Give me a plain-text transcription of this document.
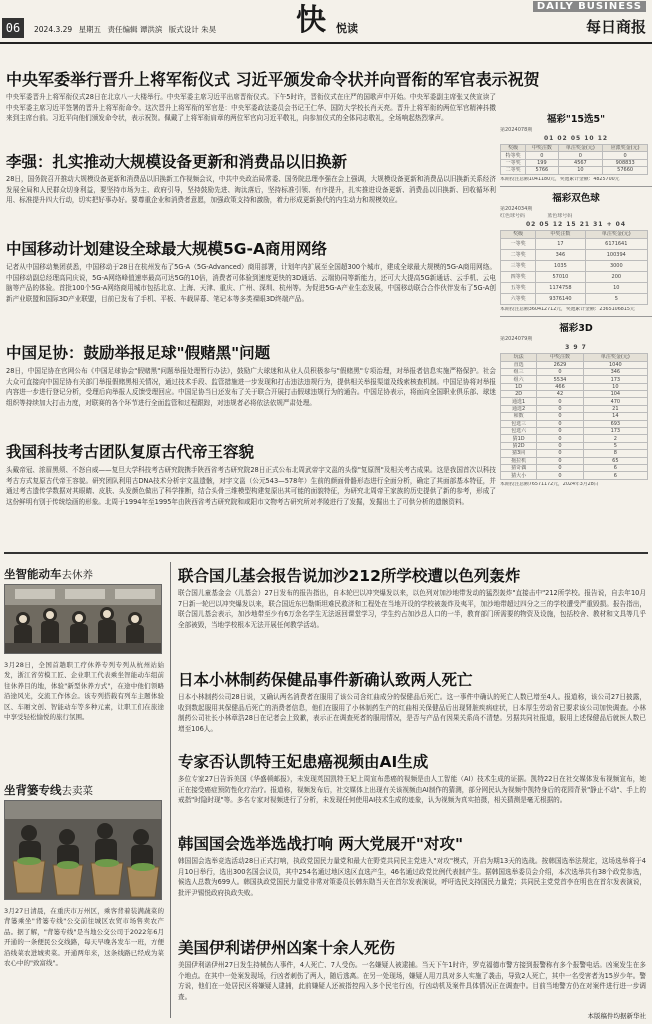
06	2024.3.29 星期五 责任编辑 谭洪滨 版式设计 朱昊	快 悦读
DAILY BUSINESS
每日商报
中央军委举行晋升上将军衔仪式 习近平颁发命令状并向晋衔的军官表示祝贺
中央军委晋升上将军衔仪式28日在北京八一大楼举行。中央军委主席习近平出席晋衔仪式。下午5时许，晋衔仪式在庄严的国歌声中开始。中央军委副主席张又侠宣读了中央军委主席习近平签署的晋升上将军衔命令。这次晋升上将军衔的军官是：中央军委政法委员会书记王仁华、国防大学校长肖天亮。晋升上将军衔的两位军官精神抖擞来到主席台前。习近平向他们颁发命令状，表示祝贺。佩戴了上将军衔肩章的两位军官向习近平敬礼，向参加仪式的全体同志敬礼，全场响起热烈掌声。
李强：扎实推动大规模设备更新和消费品以旧换新
28日，国务院召开推动大规模设备更新和消费品以旧换新工作视频会议，中共中央政治局常委、国务院总理李强在会上强调，大规模设备更新和消费品以旧换新关系经济发展全局和人民群众切身利益，要坚持市场为主、政府引导，坚持鼓励先进、淘汰落后，坚持标准引领、有序提升，扎实推进设备更新、消费品以旧换新、回收循环利用、标准提升四大行动，切实把好事办好。要尊重企业和消费者意愿，加强政策支持和激励，着力形成更新换代的内生动力和规模效应。
中国移动计划建设全球最大规模5G-A商用网络
记者从中国移动集团获悉，中国移动于28日在杭州发布了5G-A（5G-Advanced）商用部署，计划年内扩展至全国超300个城市，建成全球最大规模的5G-A商用网络。中国移动副总经理高同庆说，5G-A网络峰值速率最高可达5G的10倍，消费者可体验到速度更快的3D通话、云端协同等新能力，还可大大提高5G新通话、云手机、云电脑等产品的体验。首批100个5G-A网络商用城市包括北京、上海、天津、重庆、广州、深圳、杭州等。为促进5G-A产业生态发展，中国移动联合合作伙伴发布了5G-A创新产业联盟和国际3D产业联盟，目前已发布了手机、平板、车载屏幕、笔记本等多类裸眼3D终端产品。
中国足协：鼓励举报足球"假赌黑"问题
28日，中国足协在官网公布《中国足球协会"假赌黑"问题举报处理暂行办法》，鼓励广大球迷和从业人员积极参与"假赌黑"专项治理，对举报者信息实施严格保护。社会大众可直接向中国足协有关部门举报假赌黑相关情况，通过技术手段、监管措施进一步发现和打击违法违规行为，提供相关举报渠道及线索核查机制。中国足协将对举报内容进一步进行登记分析，受理后向举报人反馈受理回应。中国足协当日还发布了关于联合开展打击假球违规行为的通告。中国足协表示，将面向全国职业俱乐部、球迷组织等持续加大打击力度，对联赛的各个环节进行全面监管和过程跟踪，对违规者必将依法依规严肃处理。
我国科技考古团队复原古代帝王容貌
头戴帝冠、浓眉黑须、不怒自威——复旦大学科技考古研究院携手陕西省考古研究院28日正式公布北周武帝宇文邕的头像"复原图"及相关考古成果。这是我国首次以科技考古方式复原古代帝王容貌。研究团队利用古DNA技术分析宇文邕遗骸，对宇文邕（公元543—578年）生前的颜面骨骼形态进行全面分析，确定了其面部基本特征，并通过考古遗传学数据对其眼睛、皮肤、头发颜色做出了科学推断，结合头骨三维模型构建复原出其可能的面貌特征，为研究北周帝王家族的历史提供了新的参考，形成了这份鲜明有别于传统绘画的形象。北周于1994年至1995年由陕西省考古研究院和咸阳市文物考古研究所对孝陵进行了发掘，发掘出土了可供分析的遗骸资料。
福彩"15选5"
第2024078期
01 02 05 10 12
奖级	中奖注数	单注奖金(元)	应派奖金(元)
特等奖	0	0	0
一等奖	199	4567	908833
二等奖	5766	10	57660
本期投注总额1041180元，奖池累计金额：4825700元
福彩双色球
第2024034期
红色球号码	蓝色球号码
02 05 12 15 21 31 + 04
奖级	中奖注数	单注奖金(元)
一等奖	17	6171641
二等奖	346	100394
三等奖	1035	3000
四等奖	57010	200
五等奖	1174758	10
六等奖	9376140	5
本期投注总额360412712元，奖池累计金额：2365106815元
福彩3D
第2024079期
3 9 7
玩法	中奖注数	单注奖金(元)
直选	2629	1040
组三	0	346
组六	5534	173
1D	466	10
2D	42	104
通选1	0	470
通选2	0	21
和数	0	14
包选三	0	693
包选六	0	173
猜1D	0	2
猜2D	0	5
猜3同	0	8
拖拉机	0	65
猜奇偶	0	6
猜大小	0	6
本期投注总额76571172元，2024年3月28日
坐智能动车去休养
3月28日，全国首趟职工疗休养专列专列从杭州站始发，浙江省劳模工匠、企业职工代表乘坐智能动车组前往休养目的地，体验"新型休养方式"，在途中他们领略沿途风光，交流工作体会。该专列搭载有列车主题体验区、车厢文创、智能动车等多种元素，让职工们在旅途中享受轻松愉悦的旅行氛围。
坐背篓专线去卖菜
3月27日清晨，在重庆市万州区，乘客背着装满蔬菜的背篓乘坐"背篓专线"公交前往城区农贸市场售卖农产品。据了解，"背篓专线"是当地公交公司于2022年6月开通的一条便民公交线路，每天早晚各发车一班，方便沿线菜农进城卖菜。开通两年来，这条线路已经成为菜农心中的"致富线"。
联合国儿基会报告说加沙212所学校遭以色列轰炸
联合国儿童基金会（儿基会）27日发布的报告指出，自本轮巴以冲突爆发以来，以色列对加沙地带发动的猛烈轰炸"直接击中"212所学校。报告说，自去年10月7日新一轮巴以冲突爆发以来，联合国近东巴勒斯坦难民救济和工程处在当地开设的学校被轰炸及夷平，加沙地带超过四分之三的学校遭受严重毁损。报告指出，联合国儿基会表示，加沙地带至少有6万余名学生无法返回课堂学习，学生约占加沙总人口的一半，教育部门所需要的物资及设施，包括校舍、教材和文具等几乎全部被毁，当地学校根本无法开展任何教学活动。
日本小林制药保健品事件新确认致两人死亡
日本小林制药公司28日说，又确认两名消费者在服用了该公司含红曲成分的保健品后死亡。这一事件中确认的死亡人数已增至4人。报道称，该公司27日披露，收到数起服用其保健品后死亡的消费者信息，他们在服用了小林制药生产的红曲相关保健品后出现肾脏疾病症状，日本厚生劳动省已要求该公司加快调查。小林制药公司社长小林章浩28日在记者会上致歉，表示正在调查死者的服用情况，是否与产品有因果关系尚不清楚。另据共同社报道，服用上述保健品后就医人数已增至106人。
专家否认凯特王妃患癌视频由AI生成
多位专家27日告诉美国《华盛顿邮报》，未发现英国凯特王妃上周宣布患癌的视频是由人工智能（AI）技术生成的证据。凯特22日在社交媒体发布视频宣布，她正在接受癌症预防性化疗治疗。报道称，视频发布后，社交媒体上出现有关该视频由AI制作的猜测，部分网民认为视频中凯特身后的花园背景"静止不动"、手上的戒指"时隐时现"等。多名专家对视频进行了分析，未发现任何使用AI技术生成的迹象，认为视频为真实拍摄，相关猜测是毫无根据的。
韩国国会选举选战打响 两大党展开"对攻"
韩国国会选举竞选活动28日正式打响，执政党国民力量党和最大在野党共同民主党进入"对攻"模式，开启为期13天的选战。按韩国选举法规定，这场选举将于4月10日举行，选出300名国会议员，其中254名通过地区选区直选产生，46名通过政党比例代表制产生。据韩国选举委员会介绍，本次选举共有38个政党参选，候选人总数为699人。韩国执政党国民力量党非常对策委员长韩东勋当天在首尔发表演说，呼吁选民支持国民力量党；共同民主党党首李在明也在首尔发表演说，批评尹锡悦政府执政失败。
美国伊利诺伊州凶案十余人死伤
美国伊利诺伊州27日发生持械伤人事件，4人死亡、7人受伤。一名嫌疑人被逮捕。当天下午1时许，罗克福德市警方接到报警称有多个报警电话。凶案发生在多个地点。在其中一处案发现场，行凶者刺伤了两人，随后逃离。在另一处现场，嫌疑人用刀具对多人实施了袭击，导致2人死亡，其中一名受害者为15岁少年。警方说，他们在一处居民区将嫌疑人逮捕，此前嫌疑人还被指控闯入多个民宅行凶，行凶动机及案件具体情况正在调查中。目前当地警方仍在对案件进行进一步调查。
本版稿件均据新华社
